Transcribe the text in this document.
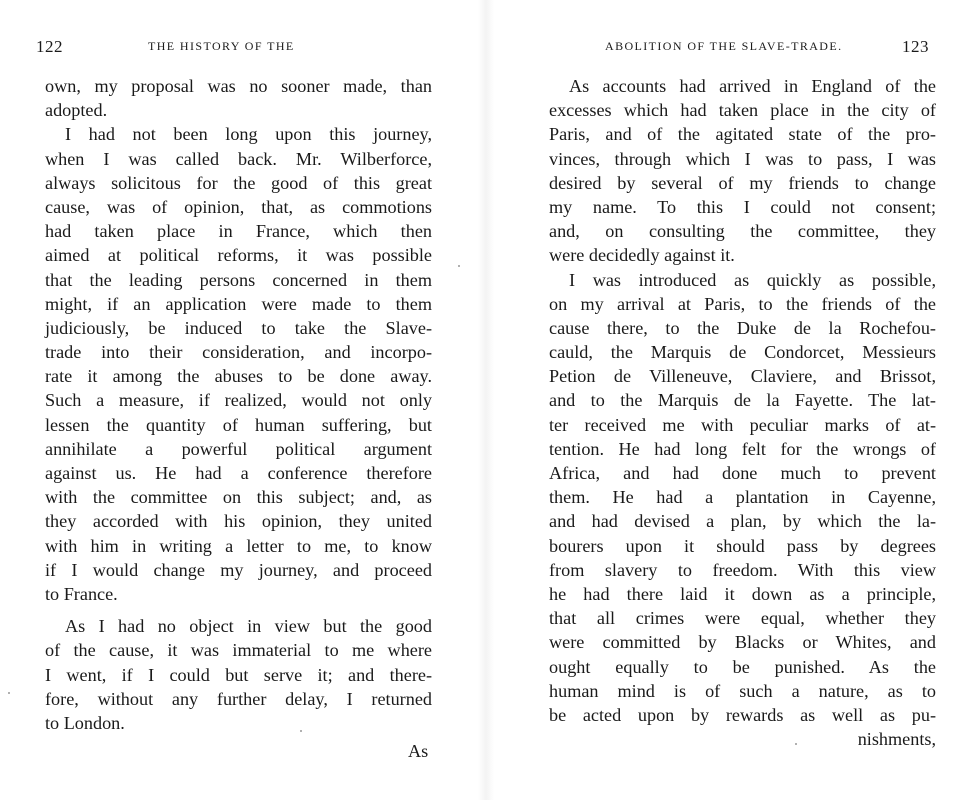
122	THE HISTORY OF THE
own, my proposal was no sooner made, than
adopted.
I had not been long upon this journey,
when I was called back. Mr. Wilberforce,
always solicitous for the good of this great
cause, was of opinion, that, as commotions
had taken place in France, which then
aimed at political reforms, it was possible
that the leading persons concerned in them
might, if an application were made to them
judiciously, be induced to take the Slave-
trade into their consideration, and incorpo-
rate it among the abuses to be done away.
Such a measure, if realized, would not only
lessen the quantity of human suffering, but
annihilate a powerful political argument
against us. He had a conference therefore
with the committee on this subject; and, as
they accorded with his opinion, they united
with him in writing a letter to me, to know
if I would change my journey, and proceed
to France.
As I had no object in view but the good
of the cause, it was immaterial to me where
I went, if I could but serve it; and there-
fore, without any further delay, I returned
to London.
As
ABOLITION OF THE SLAVE-TRADE.	123
As accounts had arrived in England of the
excesses which had taken place in the city of
Paris, and of the agitated state of the pro-
vinces, through which I was to pass, I was
desired by several of my friends to change
my name. To this I could not consent;
and, on consulting the committee, they
were decidedly against it.
I was introduced as quickly as possible,
on my arrival at Paris, to the friends of the
cause there, to the Duke de la Rochefou-
cauld, the Marquis de Condorcet, Messieurs
Petion de Villeneuve, Claviere, and Brissot,
and to the Marquis de la Fayette. The lat-
ter received me with peculiar marks of at-
tention. He had long felt for the wrongs of
Africa, and had done much to prevent
them. He had a plantation in Cayenne,
and had devised a plan, by which the la-
bourers upon it should pass by degrees
from slavery to freedom. With this view
he had there laid it down as a principle,
that all crimes were equal, whether they
were committed by Blacks or Whites, and
ought equally to be punished. As the
human mind is of such a nature, as to
be acted upon by rewards as well as pu-
nishments,
